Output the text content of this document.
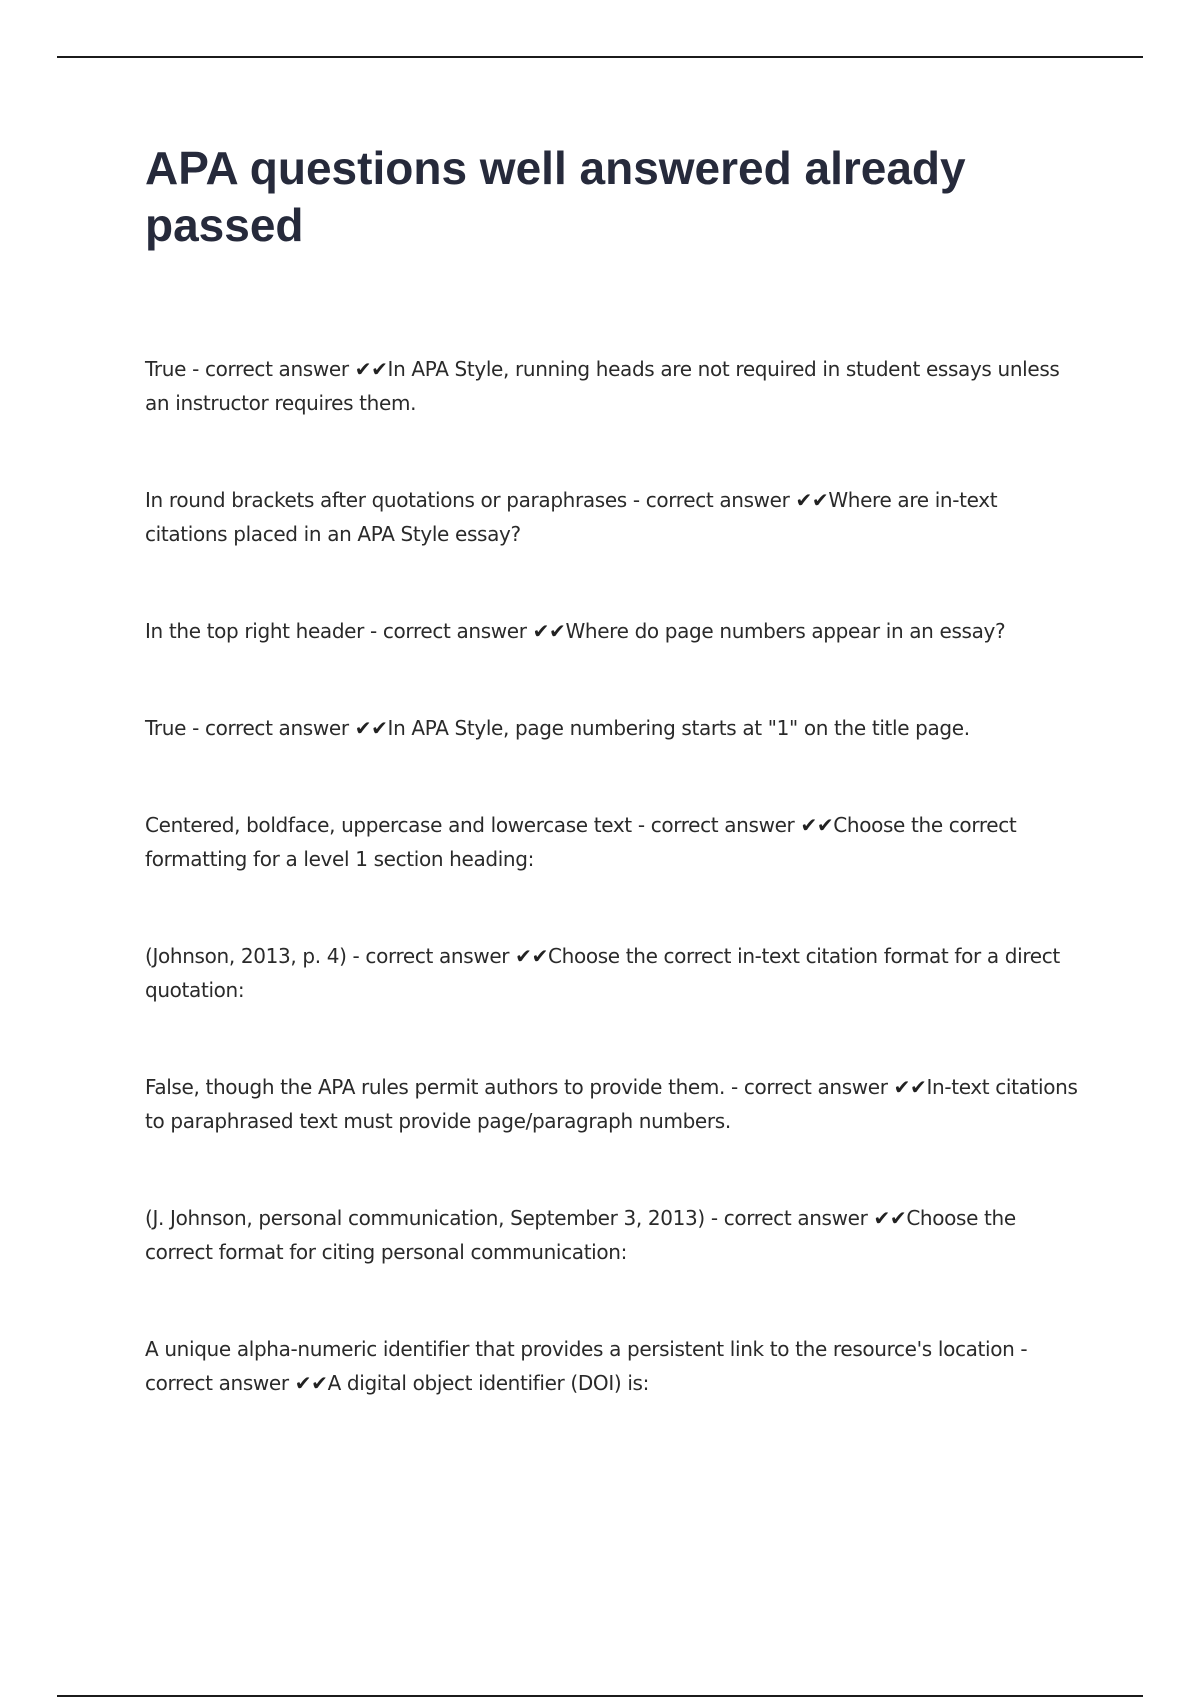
APA questions well answered already passed

True - correct answer ✔✔In APA Style, running heads are not required in student essays unless an instructor requires them.

In round brackets after quotations or paraphrases - correct answer ✔✔Where are in-text citations placed in an APA Style essay?

In the top right header - correct answer ✔✔Where do page numbers appear in an essay?

True - correct answer ✔✔In APA Style, page numbering starts at "1" on the title page.

Centered, boldface, uppercase and lowercase text - correct answer ✔✔Choose the correct formatting for a level 1 section heading:

(Johnson, 2013, p. 4) - correct answer ✔✔Choose the correct in-text citation format for a direct quotation:

False, though the APA rules permit authors to provide them. - correct answer ✔✔In-text citations to paraphrased text must provide page/paragraph numbers.

(J. Johnson, personal communication, September 3, 2013) - correct answer ✔✔Choose the correct format for citing personal communication:

A unique alpha-numeric identifier that provides a persistent link to the resource's location - correct answer ✔✔A digital object identifier (DOI) is:
